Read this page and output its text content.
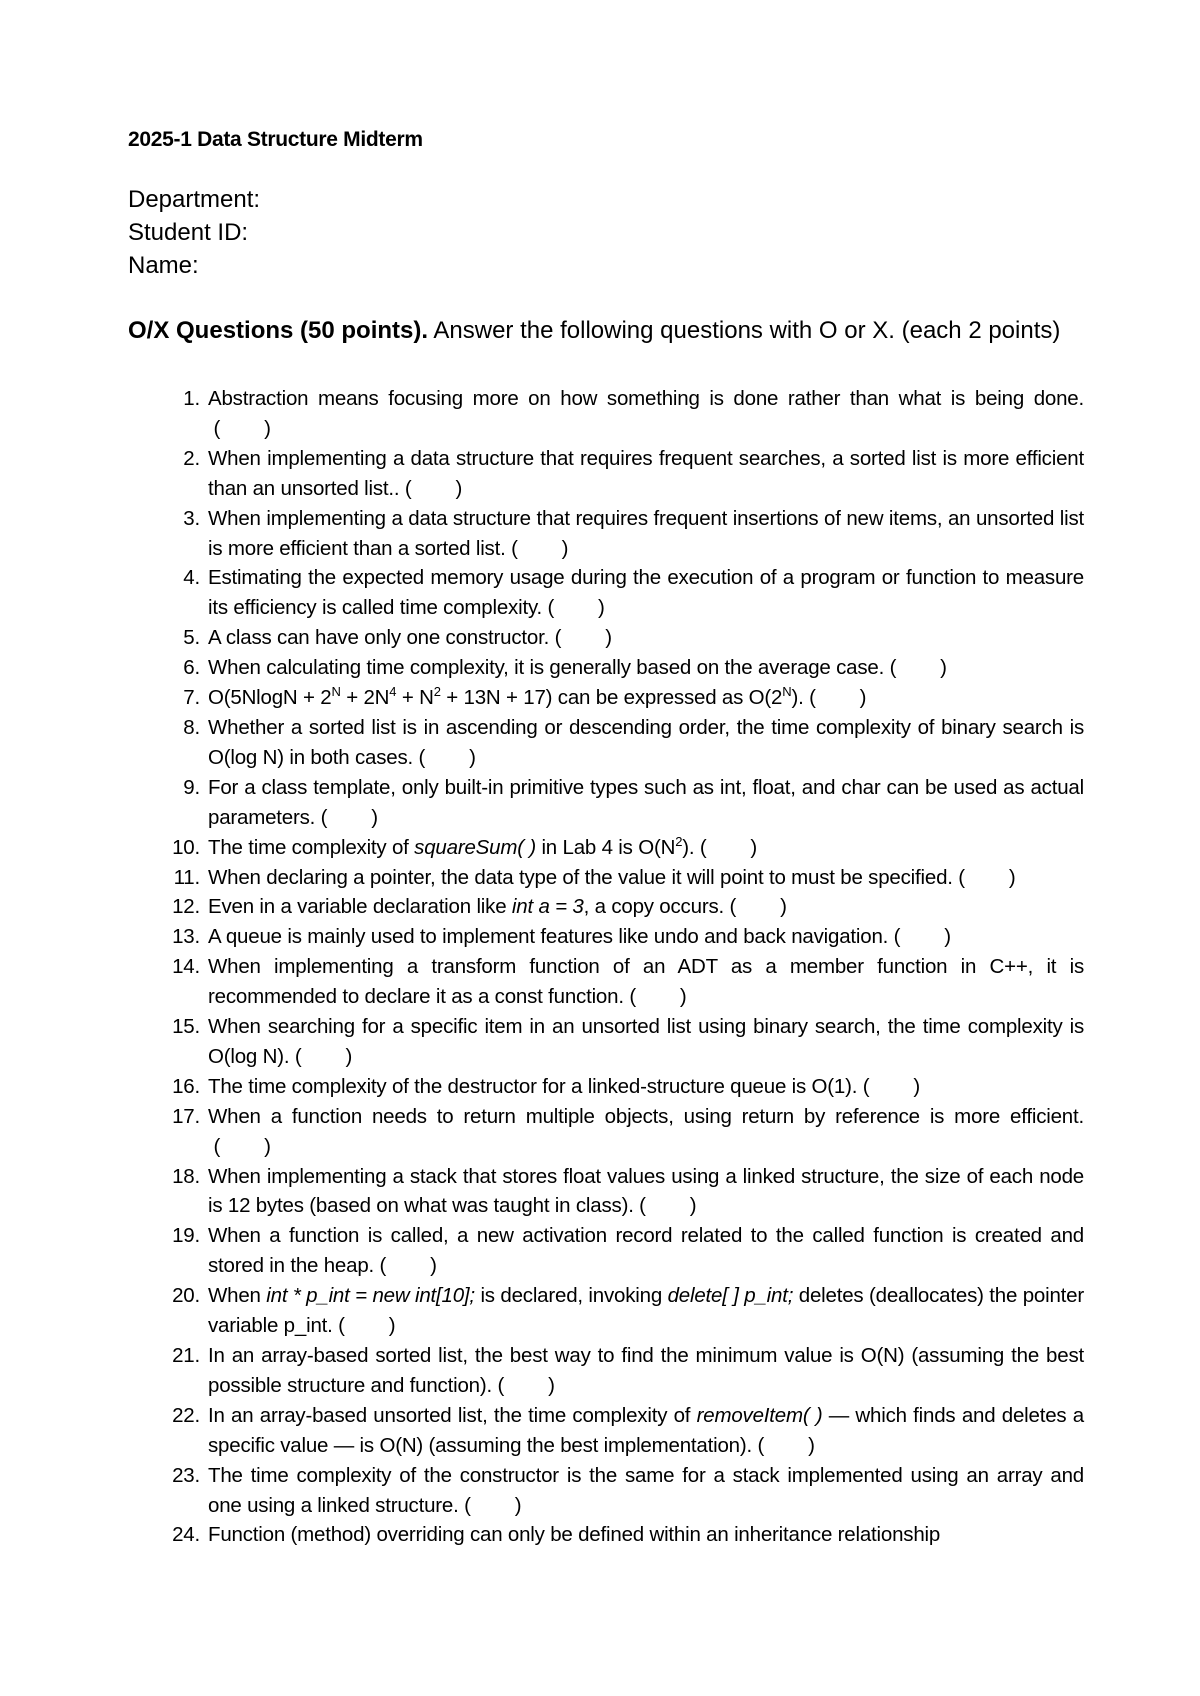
2025-1 Data Structure Midterm
Department:
Student ID:
Name:
O/X Questions (50 points). Answer the following questions with O or X. (each 2 points)
1. Abstraction means focusing more on how something is done rather than what is being done. (        )
2. When implementing a data structure that requires frequent searches, a sorted list is more efficient than an unsorted list.. (        )
3. When implementing a data structure that requires frequent insertions of new items, an unsorted list is more efficient than a sorted list. (        )
4. Estimating the expected memory usage during the execution of a program or function to measure its efficiency is called time complexity. (        )
5. A class can have only one constructor. (        )
6. When calculating time complexity, it is generally based on the average case. (        )
7. $O(5NlogN + 2^N + 2N^4 + N^2 + 13N + 17)$ can be expressed as $O(2^N)$. (        )
8. Whether a sorted list is in ascending or descending order, the time complexity of binary search is O(log N) in both cases. (        )
9. For a class template, only built-in primitive types such as int, float, and char can be used as actual parameters. (        )
10. The time complexity of squareSum( ) in Lab 4 is $O(N^2)$. (        )
11. When declaring a pointer, the data type of the value it will point to must be specified. (        )
12. Even in a variable declaration like int a = 3, a copy occurs. (        )
13. A queue is mainly used to implement features like undo and back navigation. (        )
14. When implementing a transform function of an ADT as a member function in C++, it is recommended to declare it as a const function. (        )
15. When searching for a specific item in an unsorted list using binary search, the time complexity is O(log N). (        )
16. The time complexity of the destructor for a linked-structure queue is O(1). (        )
17. When a function needs to return multiple objects, using return by reference is more efficient. (        )
18. When implementing a stack that stores float values using a linked structure, the size of each node is 12 bytes (based on what was taught in class). (        )
19. When a function is called, a new activation record related to the called function is created and stored in the heap. (        )
20. When int * p_int = new int[10]; is declared, invoking delete[ ] p_int; deletes (deallocates) the pointer variable p_int. (        )
21. In an array-based sorted list, the best way to find the minimum value is O(N) (assuming the best possible structure and function). (        )
22. In an array-based unsorted list, the time complexity of removeItem( ) — which finds and deletes a specific value — is O(N) (assuming the best implementation). (        )
23. The time complexity of the constructor is the same for a stack implemented using an array and one using a linked structure. (        )
24. Function (method) overriding can only be defined within an inheritance relationship
